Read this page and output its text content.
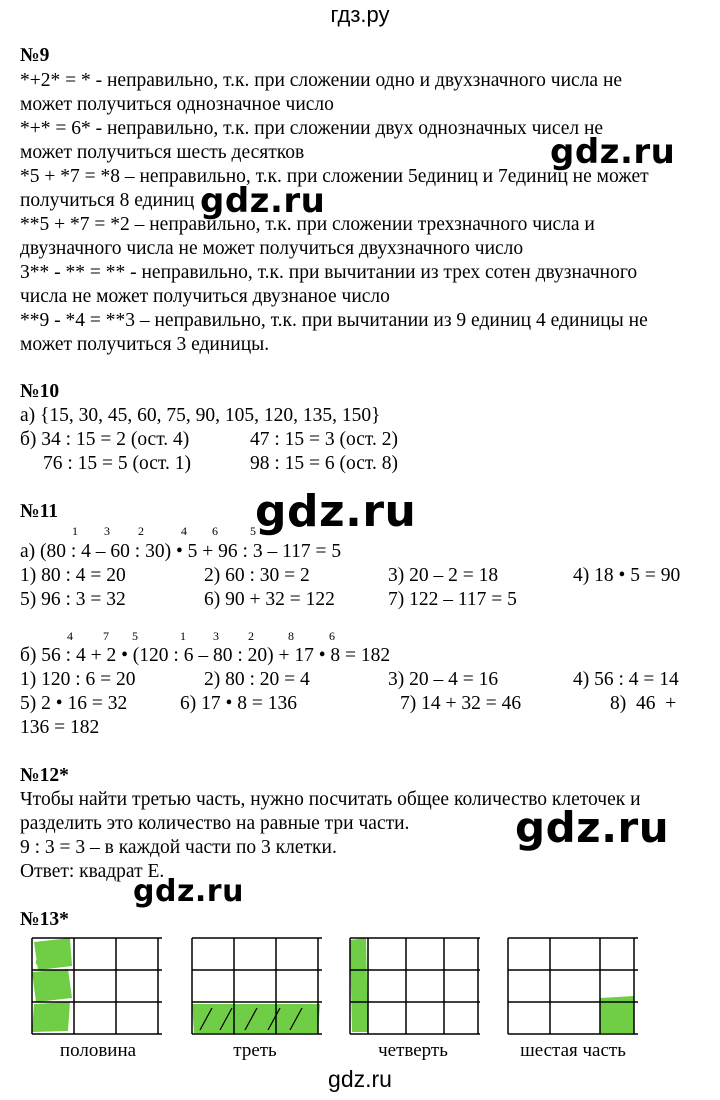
гдз.ру
№9
*+2* = * - неправильно, т.к. при сложении одно и двухзначного числа не
может получиться однозначное число
*+* = 6* - неправильно, т.к. при сложении двух однозначных чисел не
может получиться шесть десятков
*5 + *7 = *8 – неправильно, т.к. при сложении 5единиц и 7единиц не может
получиться 8 единиц
**5 + *7 = *2 – неправильно, т.к. при сложении трехзначного числа и
двузначного числа не может получиться двухзначного число
3** - ** = ** - неправильно, т.к. при вычитании из трех сотен двузначного
числа не может получиться двузнаное число
**9 - *4 = **3 – неправильно, т.к. при вычитании из 9 единиц 4 единицы не
может получиться 3 единицы.
№10
а) {15, 30, 45, 60, 75, 90, 105, 120, 135, 150}
б) 34 : 15 = 2 (ост. 4)	47 : 15 = 3 (ост. 2)
76 : 15 = 5 (ост. 1)	98 : 15 = 6 (ост. 8)
№11
1 3 2	4 6	5
а) (80 : 4 – 60 : 30) • 5 + 96 : 3 – 117 = 5
1) 80 : 4 = 20	2) 60 : 30 = 2	3) 20 – 2 = 18	4) 18 • 5 = 90
5) 96 : 3 = 32	6) 90 + 32 = 122	7) 122 – 117 = 5
4	7 5	1 3 2	8	6
б) 56 : 4 + 2 • (120 : 6 – 80 : 20) + 17 • 8 = 182
1) 120 : 6 = 20	2) 80 : 20 = 4	3) 20 – 4 = 16	4) 56 : 4 = 14
5) 2 • 16 = 32	6) 17 • 8 = 136	7) 14 + 32 = 46	8)  46  +
136 = 182
№12*
Чтобы найти третью часть, нужно посчитать общее количество клеточек и
разделить это количество на равные три части.
9 : 3 = 3 – в каждой части по 3 клетки.
Ответ: квадрат Е.
№13*
половина	треть	четверть	шестая часть
gdz.ru
gdz.ru
gdz.ru
gdz.ru
gdz.ru
gdz.ru
